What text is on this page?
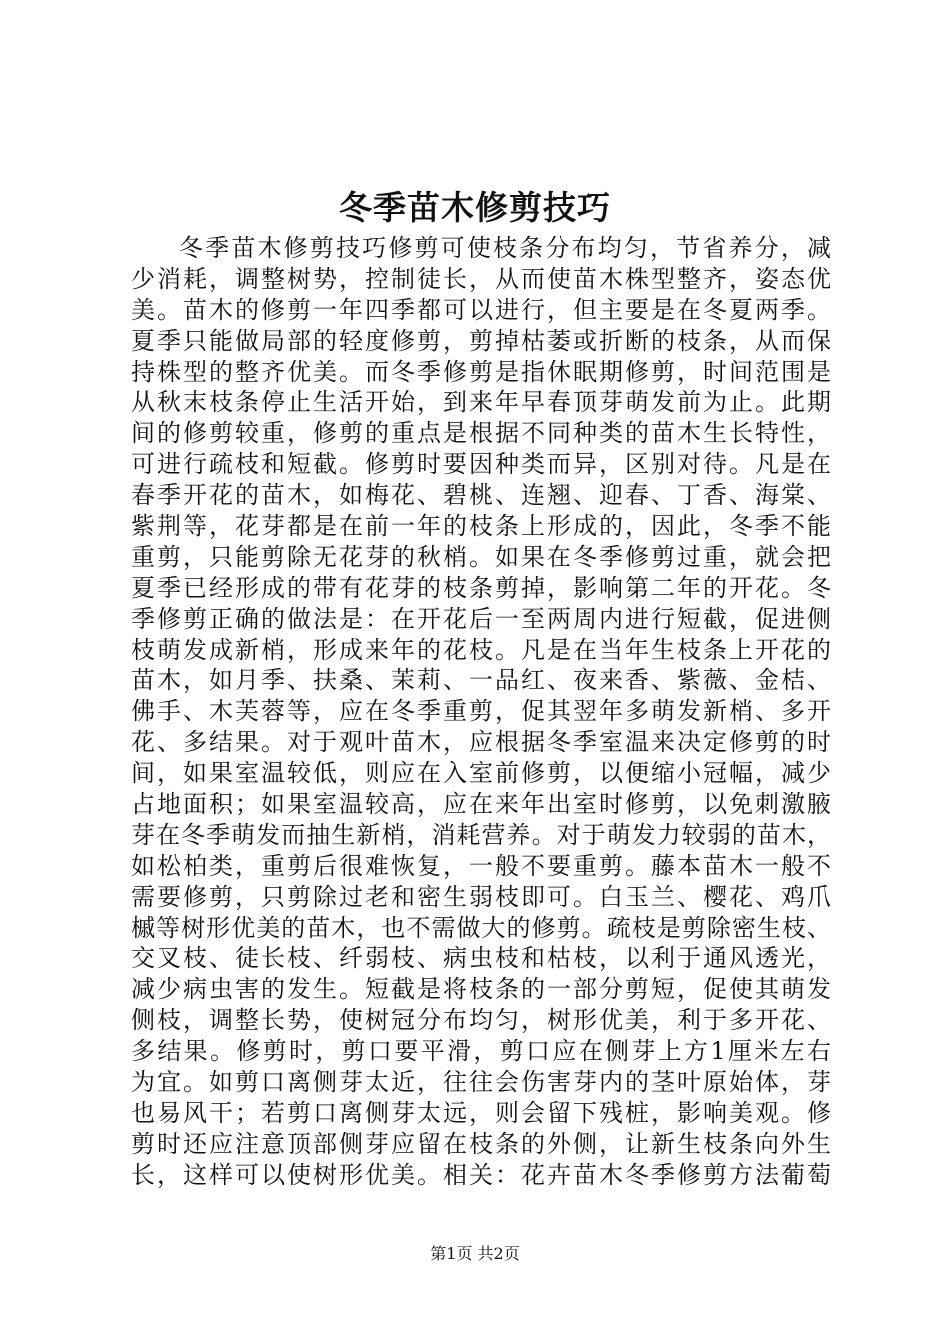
冬季苗木修剪技巧
冬季苗木修剪技巧修剪可使枝条分布均匀，节省养分，减
少消耗，调整树势，控制徒长，从而使苗木株型整齐，姿态优
美。苗木的修剪一年四季都可以进行，但主要是在冬夏两季。
夏季只能做局部的轻度修剪，剪掉枯萎或折断的枝条，从而保
持株型的整齐优美。而冬季修剪是指休眠期修剪，时间范围是
从秋末枝条停止生活开始，到来年早春顶芽萌发前为止。此期
间的修剪较重，修剪的重点是根据不同种类的苗木生长特性，
可进行疏枝和短截。修剪时要因种类而异，区别对待。凡是在
春季开花的苗木，如梅花、碧桃、连翘、迎春、丁香、海棠、
紫荆等，花芽都是在前一年的枝条上形成的，因此，冬季不能
重剪，只能剪除无花芽的秋梢。如果在冬季修剪过重，就会把
夏季已经形成的带有花芽的枝条剪掉，影响第二年的开花。冬
季修剪正确的做法是：在开花后一至两周内进行短截，促进侧
枝萌发成新梢，形成来年的花枝。凡是在当年生枝条上开花的
苗木，如月季、扶桑、茉莉、一品红、夜来香、紫薇、金桔、
佛手、木芙蓉等，应在冬季重剪，促其翌年多萌发新梢、多开
花、多结果。对于观叶苗木，应根据冬季室温来决定修剪的时
间，如果室温较低，则应在入室前修剪，以便缩小冠幅，减少
占地面积；如果室温较高，应在来年出室时修剪，以免刺激腋
芽在冬季萌发而抽生新梢，消耗营养。对于萌发力较弱的苗木，
如松柏类，重剪后很难恢复，一般不要重剪。藤本苗木一般不
需要修剪，只剪除过老和密生弱枝即可。白玉兰、樱花、鸡爪
槭等树形优美的苗木，也不需做大的修剪。疏枝是剪除密生枝、
交叉枝、徒长枝、纤弱枝、病虫枝和枯枝，以利于通风透光，
减少病虫害的发生。短截是将枝条的一部分剪短，促使其萌发
侧枝，调整长势，使树冠分布均匀，树形优美，利于多开花、
多结果。修剪时，剪口要平滑，剪口应在侧芽上方1厘米左右
为宜。如剪口离侧芽太近，往往会伤害芽内的茎叶原始体，芽
也易风干；若剪口离侧芽太远，则会留下残桩，影响美观。修
剪时还应注意顶部侧芽应留在枝条的外侧，让新生枝条向外生
长，这样可以使树形优美。相关：花卉苗木冬季修剪方法葡萄
第1页 共2页
